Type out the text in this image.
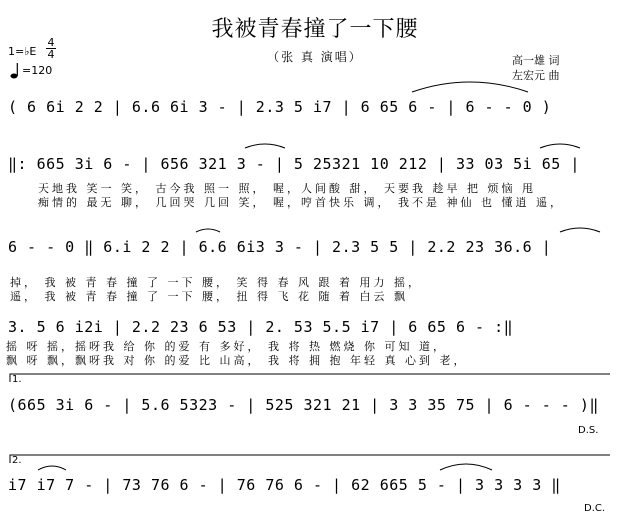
我被青春撞了一下腰
（张 真 演唱）	高一雄 词
左宏元 曲
1=♭E
4
4
=120
( 6 6i 2 2 | 6.6 6i 3 - | 2.3 5 i7 | 6 65 6 - | 6 - - 0 )
‖: 665 3i 6 - | 656 321 3 - | 5 25321 10 212 | 33 03 5i 65 |
天地我 笑一 笑， 古今我 照一 照， 喔，人间酸 甜， 天要我 趁早 把 烦恼 甩
痴情的 最无 聊， 几回哭 几回 笑， 喔，哼首快乐 调， 我不是 神仙 也 懂逍 遥，
6 - - 0 ‖ 6.i 2 2 | 6.6 6i3 3 - | 2.3 5 5 | 2.2 23 36.6 |
掉， 我 被 青 春 撞 了 一下 腰， 笑 得 春 风 跟 着 用力 摇，
遥， 我 被 青 春 撞 了 一下 腰， 扭 得 飞 花 随 着 白云 飘
3. 5 6 i2i | 2.2 23 6 53 | 2. 53 5.5 i7 | 6 65 6 - :‖
摇 呀 摇，摇呀我 给 你 的爱 有 多好， 我 将 热 燃烧 你 可知 道，
飘 呀 飘，飘呀我 对 你 的爱 比 山高， 我 将 拥 抱 年轻 真 心到 老，
1.
(665 3i 6 - | 5.6 5323 - | 525 321 21 | 3 3 35 75 | 6 - - - )‖
D.S.
2.
i7 i7 7 - | 73 76 6 - | 76 76 6 - | 62 665 5 - | 3 3 3 3 ‖
D.C.
